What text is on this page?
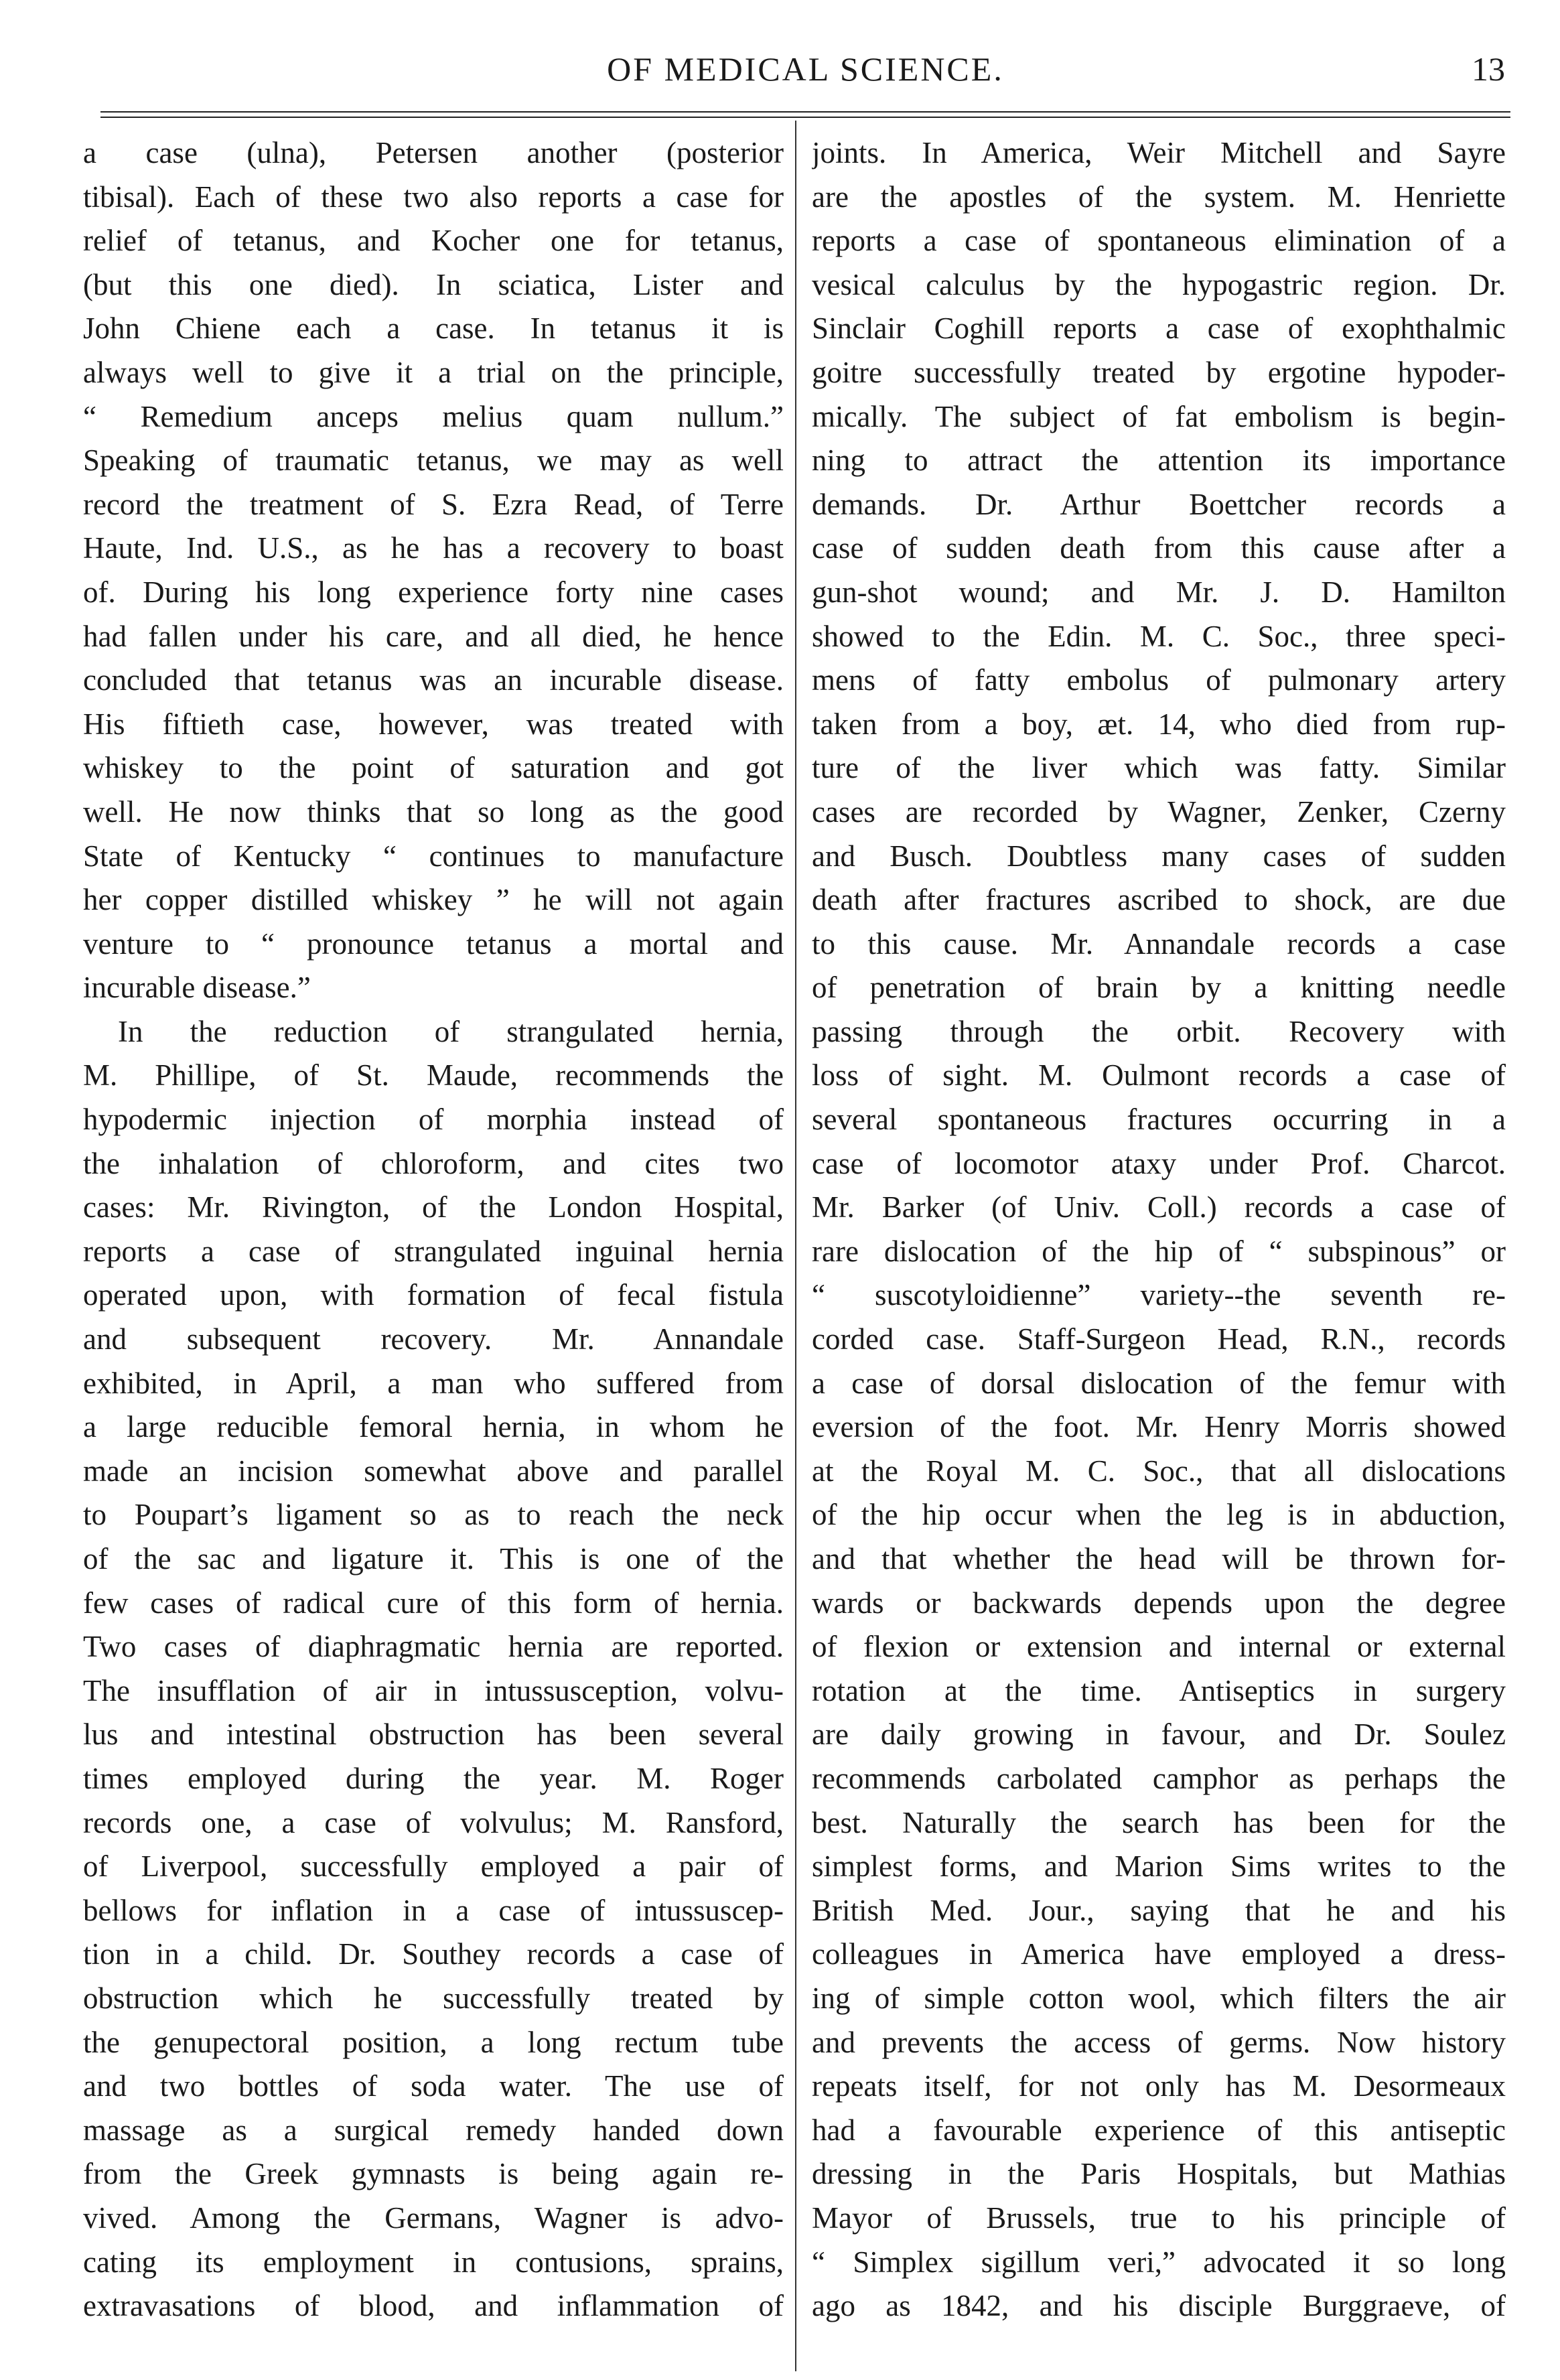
OF MEDICAL SCIENCE.	13
a case (ulna), Petersen another (posterior
tibisal). Each of these two also reports a case for
relief of tetanus, and Kocher one for tetanus,
(but this one died). In sciatica, Lister and
John Chiene each a case. In tetanus it is
always well to give it a trial on the principle,
“ Remedium anceps melius quam nullum.”
Speaking of traumatic tetanus, we may as well
record the treatment of S. Ezra Read, of Terre
Haute, Ind. U.S., as he has a recovery to boast
of. During his long experience forty nine cases
had fallen under his care, and all died, he hence
concluded that tetanus was an incurable disease.
His fiftieth case, however, was treated with
whiskey to the point of saturation and got
well. He now thinks that so long as the good
State of Kentucky “ continues to manufacture
her copper distilled whiskey ” he will not again
venture to “ pronounce tetanus a mortal and
incurable disease.”
In the reduction of strangulated hernia,
M. Phillipe, of St. Maude, recommends the
hypodermic injection of morphia instead of
the inhalation of chloroform, and cites two
cases: Mr. Rivington, of the London Hospital,
reports a case of strangulated inguinal hernia
operated upon, with formation of fecal fistula
and subsequent recovery. Mr. Annandale
exhibited, in April, a man who suffered from
a large reducible femoral hernia, in whom he
made an incision somewhat above and parallel
to Poupart’s ligament so as to reach the neck
of the sac and ligature it. This is one of the
few cases of radical cure of this form of hernia.
Two cases of diaphragmatic hernia are reported.
The insufflation of air in intussusception, volvu-
lus and intestinal obstruction has been several
times employed during the year. M. Roger
records one, a case of volvulus; M. Ransford,
of Liverpool, successfully employed a pair of
bellows for inflation in a case of intussuscep-
tion in a child. Dr. Southey records a case of
obstruction which he successfully treated by
the genupectoral position, a long rectum tube
and two bottles of soda water. The use of
massage as a surgical remedy handed down
from the Greek gymnasts is being again re-
vived. Among the Germans, Wagner is advo-
cating its employment in contusions, sprains,
extravasations of blood, and inflammation of
joints. In America, Weir Mitchell and Sayre
are the apostles of the system. M. Henriette
reports a case of spontaneous elimination of a
vesical calculus by the hypogastric region. Dr.
Sinclair Coghill reports a case of exophthalmic
goitre successfully treated by ergotine hypoder-
mically. The subject of fat embolism is begin-
ning to attract the attention its importance
demands. Dr. Arthur Boettcher records a
case of sudden death from this cause after a
gun-shot wound; and Mr. J. D. Hamilton
showed to the Edin. M. C. Soc., three speci-
mens of fatty embolus of pulmonary artery
taken from a boy, æt. 14, who died from rup-
ture of the liver which was fatty. Similar
cases are recorded by Wagner, Zenker, Czerny
and Busch. Doubtless many cases of sudden
death after fractures ascribed to shock, are due
to this cause. Mr. Annandale records a case
of penetration of brain by a knitting needle
passing through the orbit. Recovery with
loss of sight. M. Oulmont records a case of
several spontaneous fractures occurring in a
case of locomotor ataxy under Prof. Charcot.
Mr. Barker (of Univ. Coll.) records a case of
rare dislocation of the hip of “ subspinous” or
“ suscotyloidienne” variety--the seventh re-
corded case. Staff-Surgeon Head, R.N., records
a case of dorsal dislocation of the femur with
eversion of the foot. Mr. Henry Morris showed
at the Royal M. C. Soc., that all dislocations
of the hip occur when the leg is in abduction,
and that whether the head will be thrown for-
wards or backwards depends upon the degree
of flexion or extension and internal or external
rotation at the time. Antiseptics in surgery
are daily growing in favour, and Dr. Soulez
recommends carbolated camphor as perhaps the
best. Naturally the search has been for the
simplest forms, and Marion Sims writes to the
British Med. Jour., saying that he and his
colleagues in America have employed a dress-
ing of simple cotton wool, which filters the air
and prevents the access of germs. Now history
repeats itself, for not only has M. Desormeaux
had a favourable experience of this antiseptic
dressing in the Paris Hospitals, but Mathias
Mayor of Brussels, true to his principle of
“ Simplex sigillum veri,” advocated it so long
ago as 1842, and his disciple Burggraeve, of
